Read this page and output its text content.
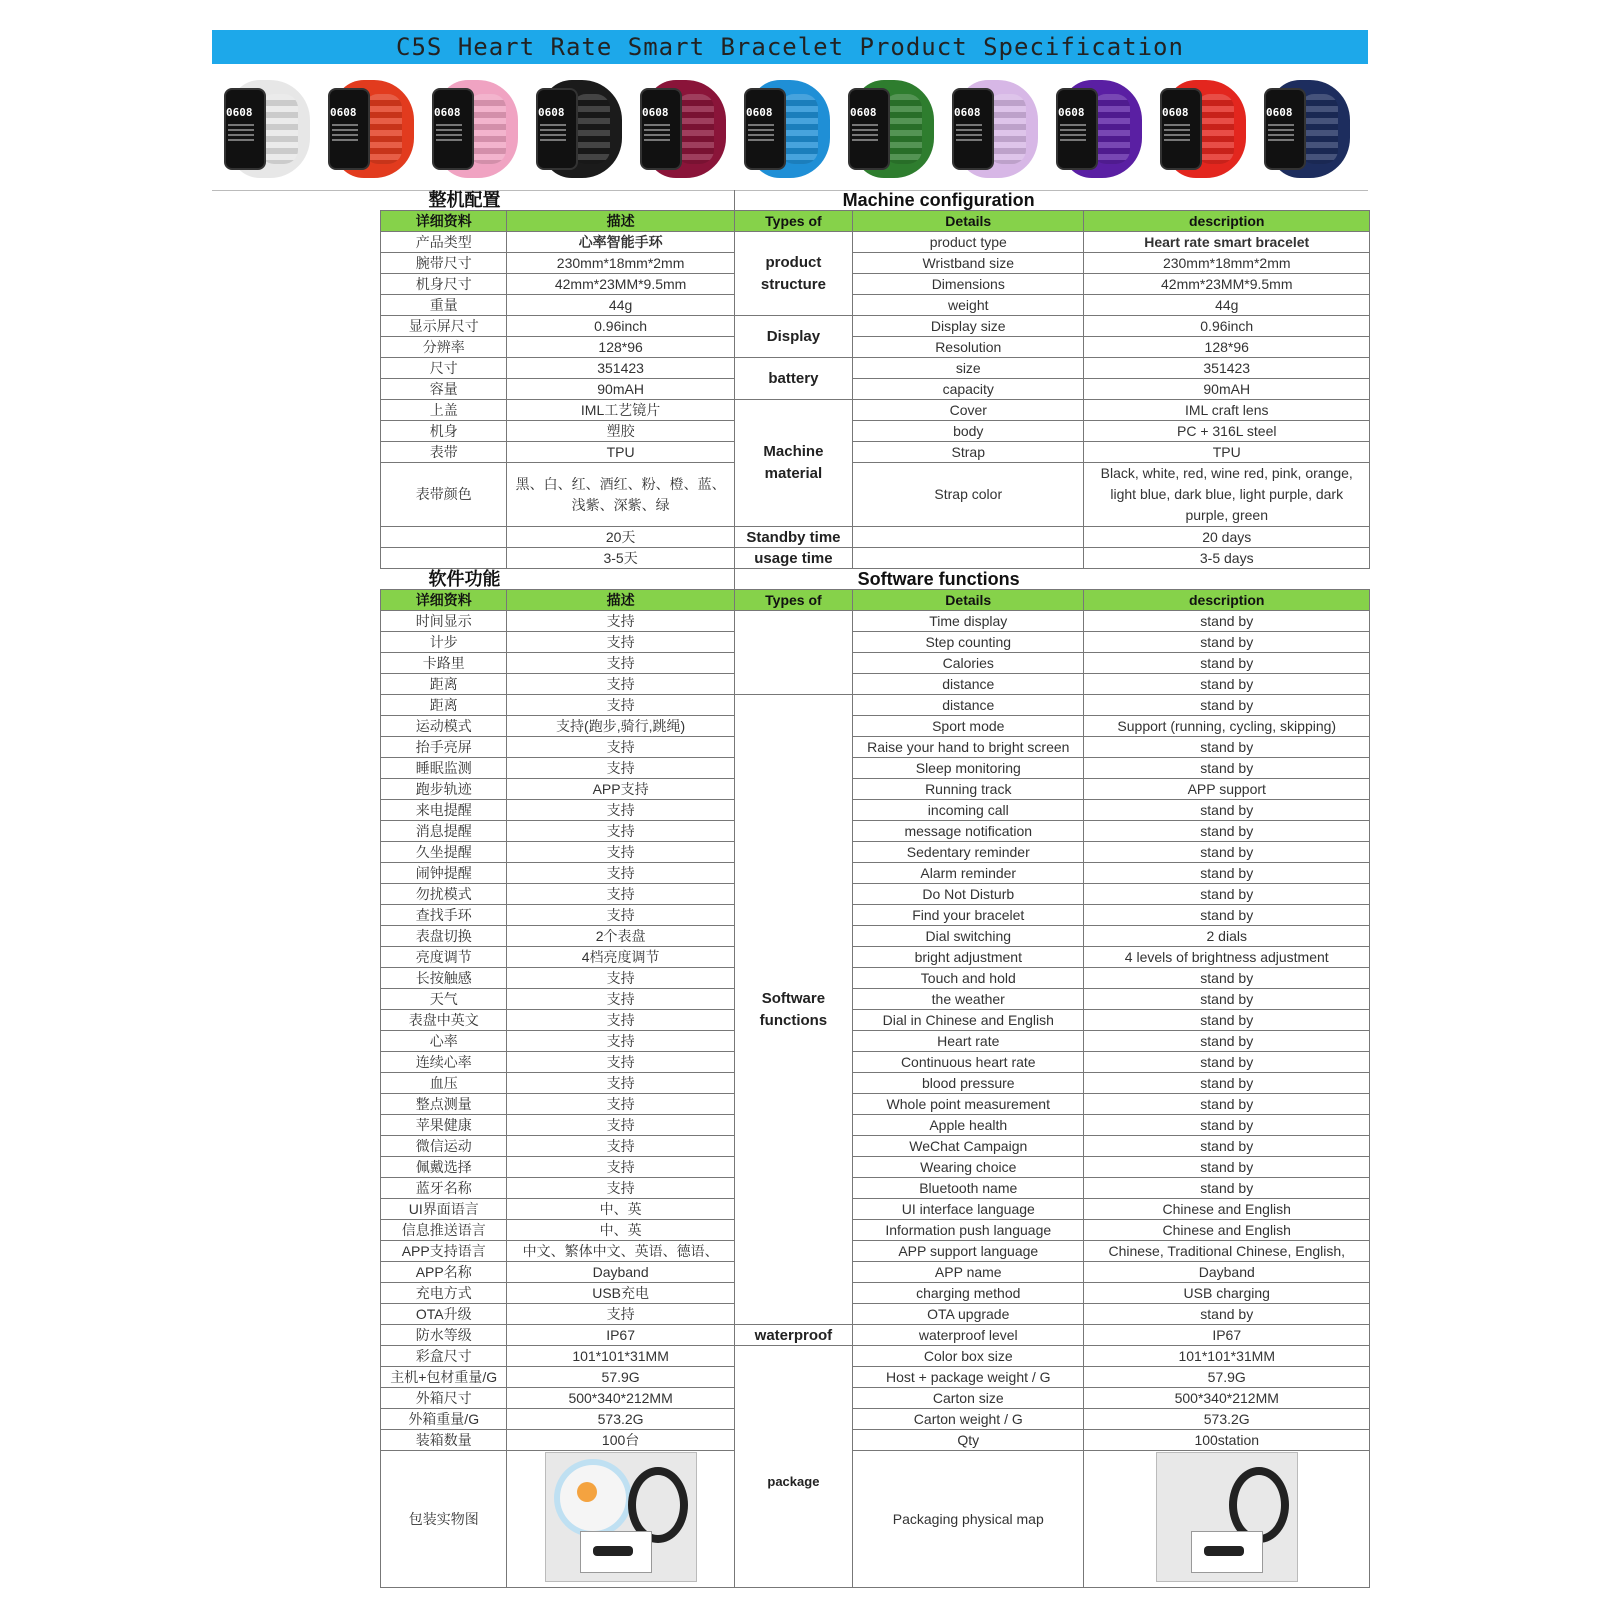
C5S Heart Rate Smart Bracelet Product Specification
0608	0608	0608	0608	0608	0608	0608	0608	0608	0608	0608
整机配置		Machine configuration		
详细资料	描述	Types of	Details	description
产品类型	心率智能手环	product structure	product type	Heart rate smart bracelet
腕带尺寸	230mm*18mm*2mm		Wristband size	230mm*18mm*2mm
机身尺寸	42mm*23MM*9.5mm		Dimensions	42mm*23MM*9.5mm
重量	44g		weight	44g
显示屏尺寸	0.96inch	Display	Display size	0.96inch
分辨率	128*96		Resolution	128*96
尺寸	351423	battery	size	351423
容量	90mAH		capacity	90mAH
上盖	IML工艺镜片	Machine material	Cover	IML craft lens
机身	塑胶		body	PC + 316L steel
表带	TPU		Strap	TPU
表带颜色	黑、白、红、酒红、粉、橙、蓝、浅紫、深紫、绿		Strap color	Black, white, red, wine red, pink, orange, light blue, dark blue, light purple, dark purple, green
	20天	Standby time		20 days
	3-5天	usage time		3-5 days
软件功能		Software functions		
详细资料	描述	Types of	Details	description
时间显示	支持		Time display	stand by
计步	支持		Step counting	stand by
卡路里	支持		Calories	stand by
距离	支持		distance	stand by
距离	支持	Software functions	distance	stand by
运动模式	支持(跑步,骑行,跳绳)		Sport mode	Support (running, cycling, skipping)
抬手亮屏	支持		Raise your hand to bright screen	stand by
睡眠监测	支持		Sleep monitoring	stand by
跑步轨迹	APP支持		Running track	APP support
来电提醒	支持		incoming call	stand by
消息提醒	支持		message notification	stand by
久坐提醒	支持		Sedentary reminder	stand by
闹钟提醒	支持		Alarm reminder	stand by
勿扰模式	支持		Do Not Disturb	stand by
查找手环	支持		Find your bracelet	stand by
表盘切换	2个表盘		Dial switching	2 dials
亮度调节	4档亮度调节		bright adjustment	4 levels of brightness adjustment
长按触感	支持		Touch and hold	stand by
天气	支持		the weather	stand by
表盘中英文	支持		Dial in Chinese and English	stand by
心率	支持		Heart rate	stand by
连续心率	支持		Continuous heart rate	stand by
血压	支持		blood pressure	stand by
整点测量	支持		Whole point measurement	stand by
苹果健康	支持		Apple health	stand by
微信运动	支持		WeChat Campaign	stand by
佩戴选择	支持		Wearing choice	stand by
蓝牙名称	支持		Bluetooth name	stand by
UI界面语言	中、英		UI interface language	Chinese and English
信息推送语言	中、英		Information push language	Chinese and English
APP支持语言	中文、繁体中文、英语、德语、		APP support language	Chinese, Traditional Chinese, English,
APP名称	Dayband		APP name	Dayband
充电方式	USB充电		charging method	USB charging
OTA升级	支持		OTA upgrade	stand by
防水等级	IP67	waterproof	waterproof level	IP67
彩盒尺寸	101*101*31MM	package	Color box size	101*101*31MM
主机+包材重量/G	57.9G		Host + package weight / G	57.9G
外箱尺寸	500*340*212MM		Carton size	500*340*212MM
外箱重量/G	573.2G		Carton weight / G	573.2G
装箱数量	100台		Qty	100station
包装实物图			Packaging physical map	
